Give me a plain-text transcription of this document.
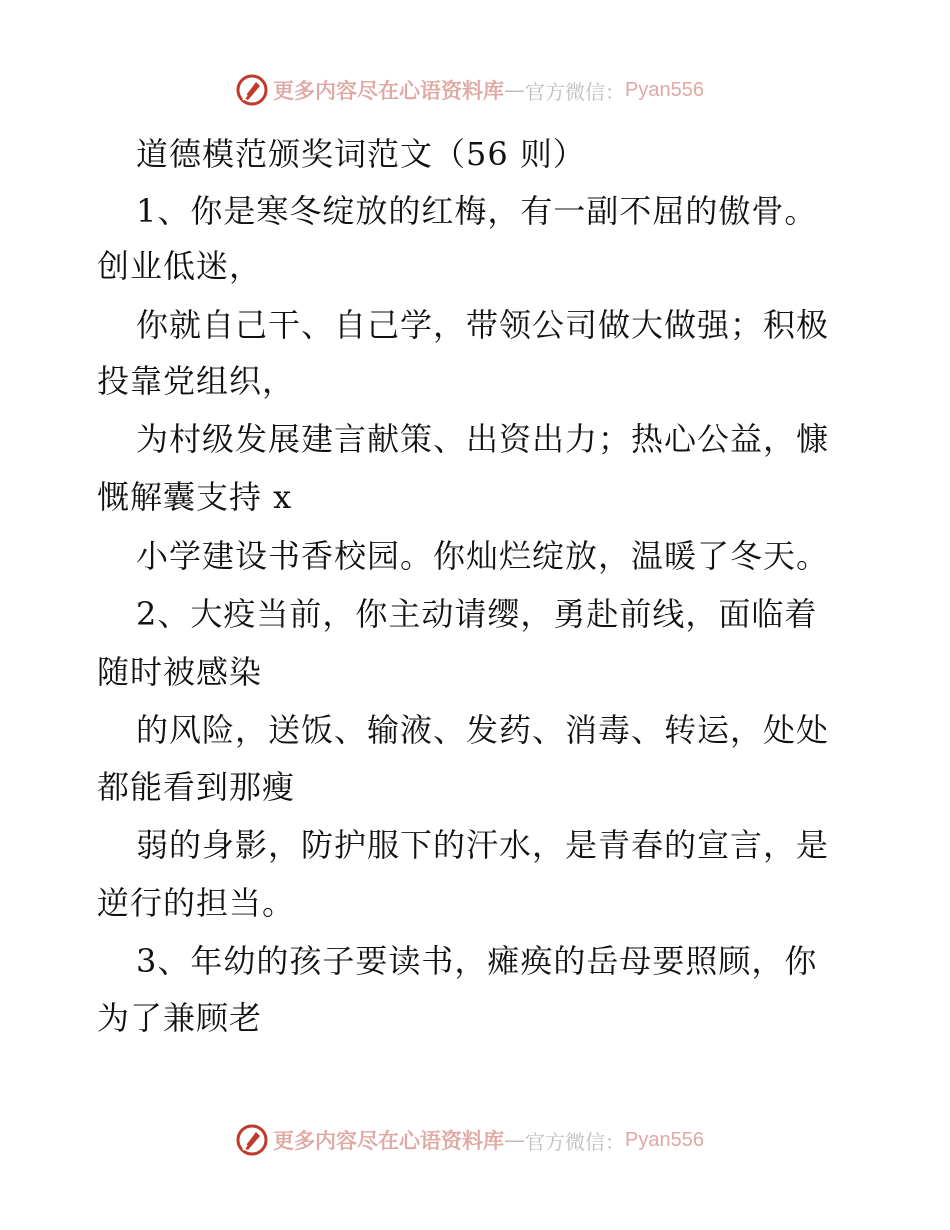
更多内容尽在心语资料库 — 官方微信： Pyan556
道德模范颁奖词范文（56 则）
1、你是寒冬绽放的红梅，有一副不屈的傲骨。
创业低迷，
你就自己干、自己学，带领公司做大做强；积极
投靠党组织，
为村级发展建言献策、出资出力；热心公益，慷
慨解囊支持 x
小学建设书香校园。你灿烂绽放，温暖了冬天。
2、大疫当前，你主动请缨，勇赴前线，面临着
随时被感染
的风险，送饭、输液、发药、消毒、转运，处处
都能看到那瘦
弱的身影，防护服下的汗水，是青春的宣言，是
逆行的担当。
3、年幼的孩子要读书，瘫痪的岳母要照顾，你
为了兼顾老
更多内容尽在心语资料库 — 官方微信： Pyan556
